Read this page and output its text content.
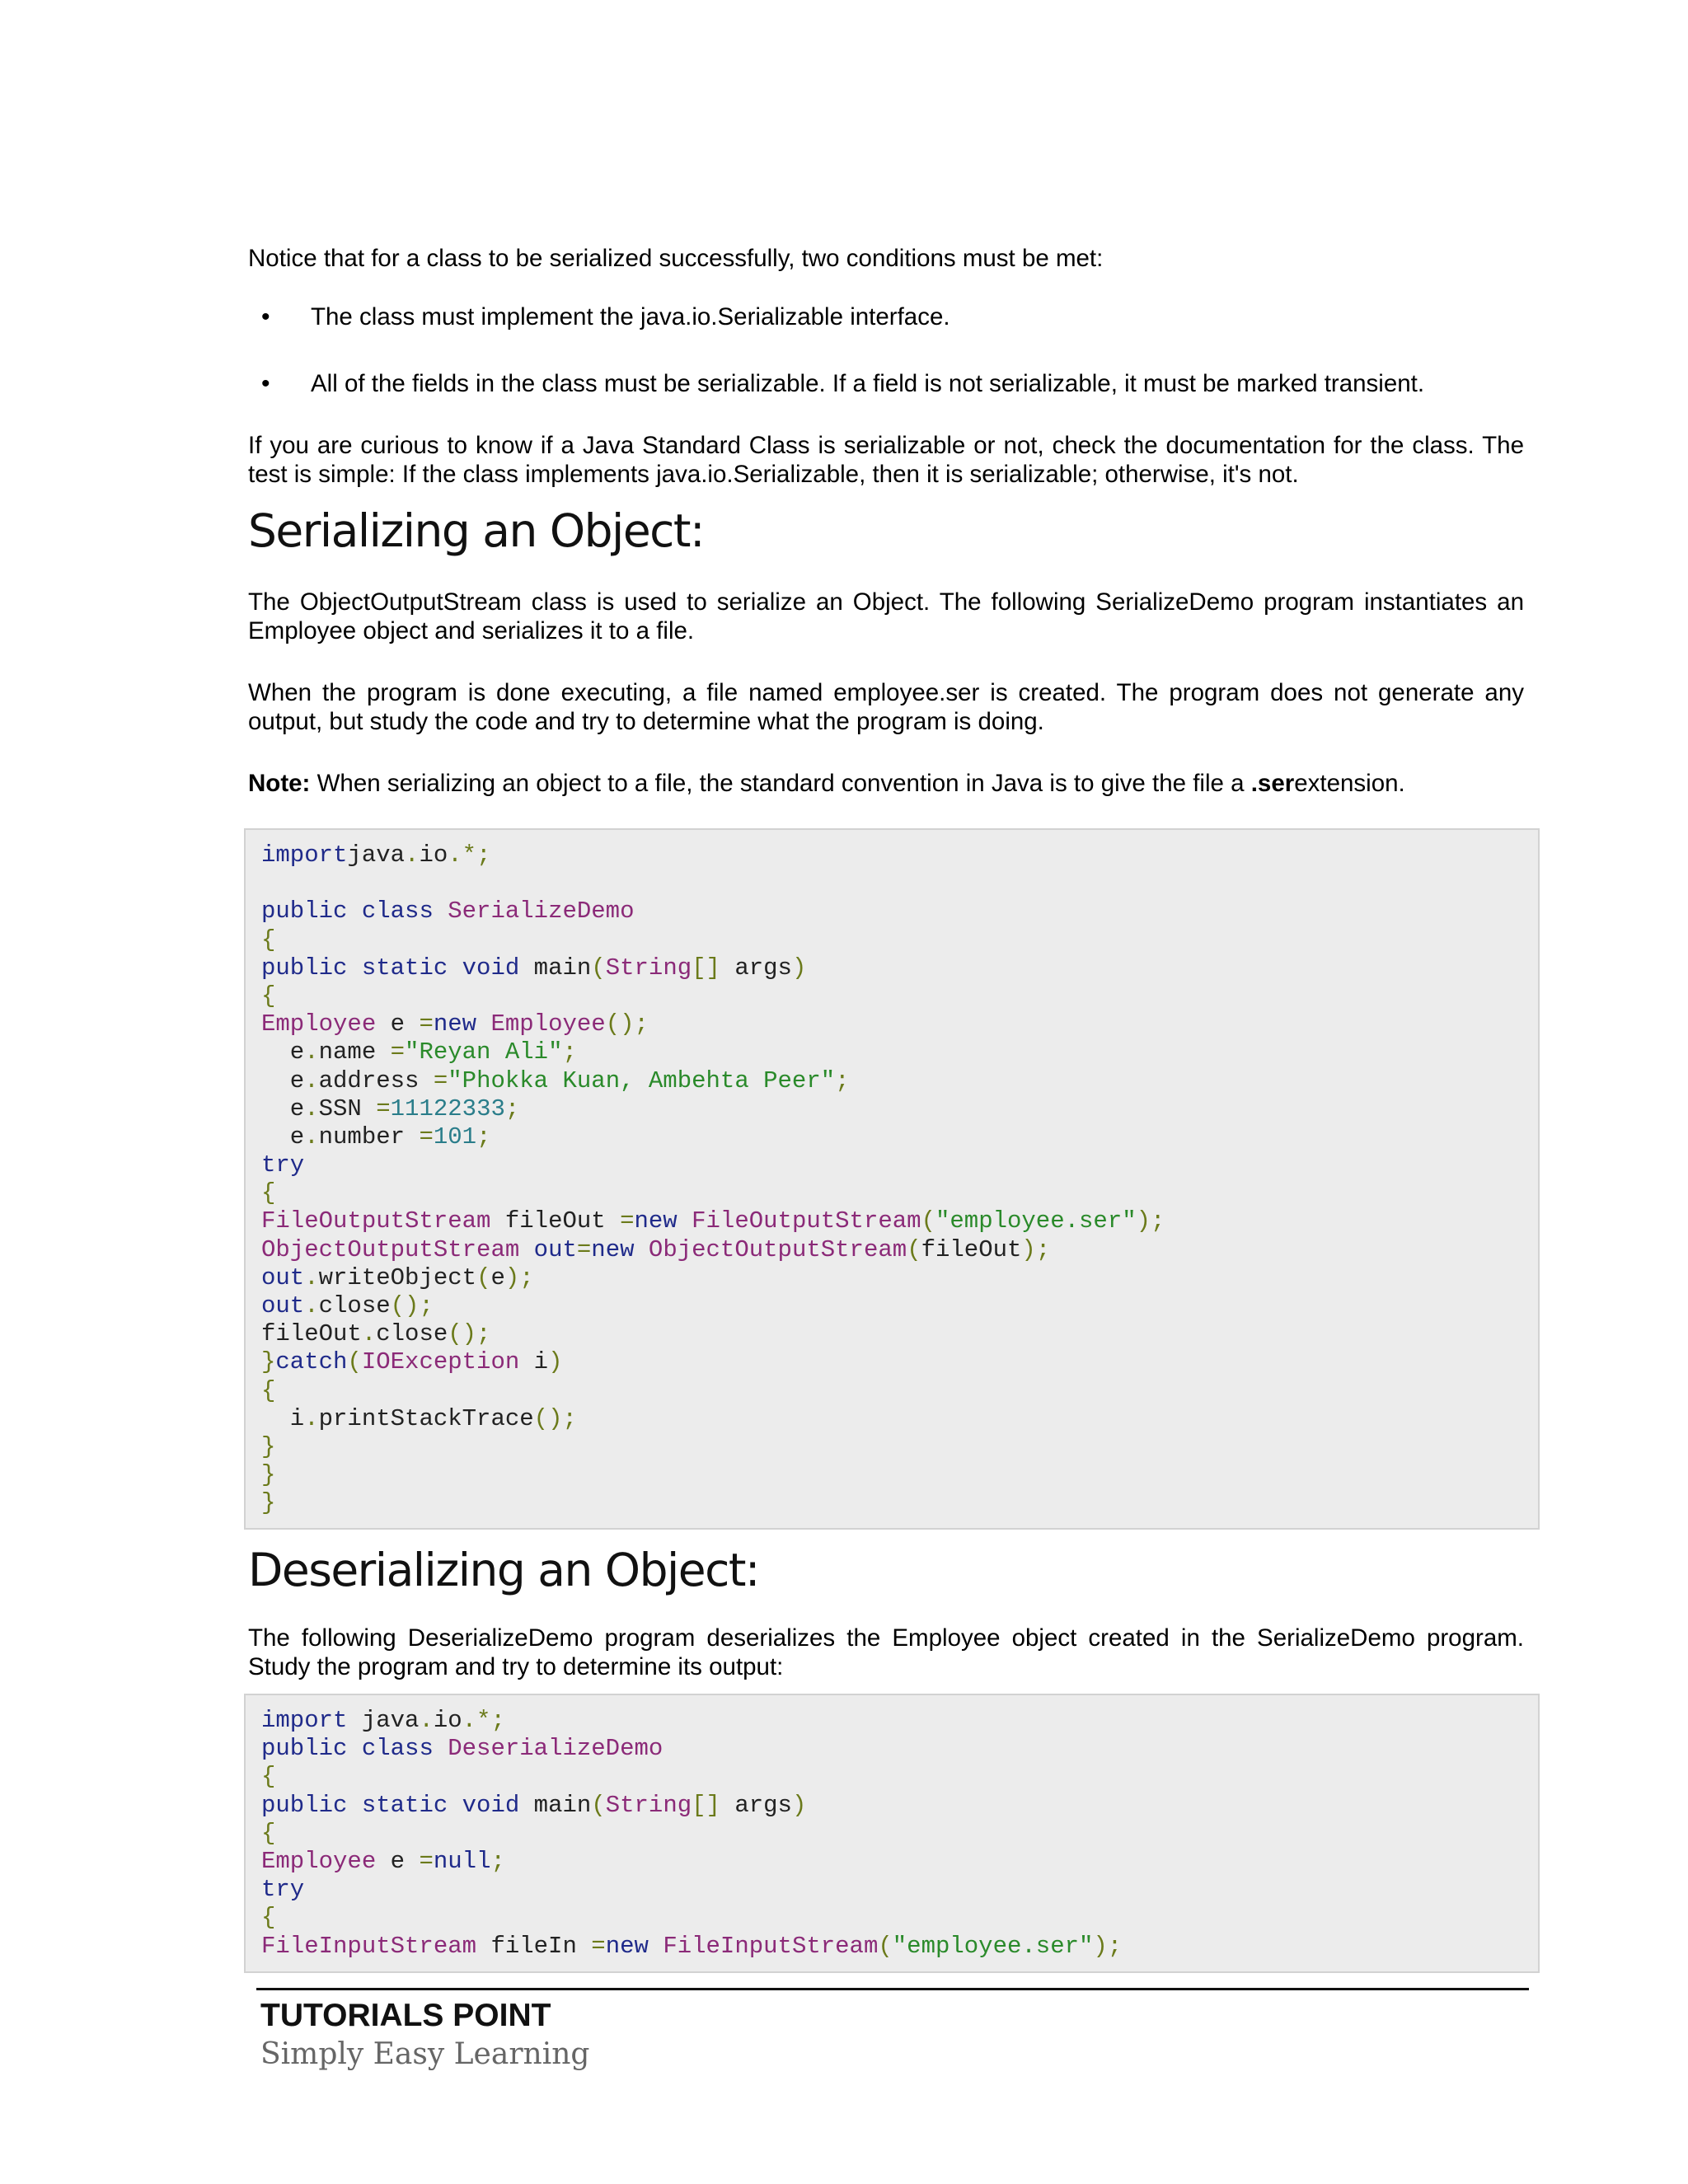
Notice that for a class to be serialized successfully, two conditions must be met:

• The class must implement the java.io.Serializable interface.
• All of the fields in the class must be serializable. If a field is not serializable, it must be marked transient.

If you are curious to know if a Java Standard Class is serializable or not, check the documentation for the class. The test is simple: If the class implements java.io.Serializable, then it is serializable; otherwise, it's not.

Serializing an Object:

The ObjectOutputStream class is used to serialize an Object. The following SerializeDemo program instantiates an Employee object and serializes it to a file.

When the program is done executing, a file named employee.ser is created. The program does not generate any output, but study the code and try to determine what the program is doing.

Note: When serializing an object to a file, the standard convention in Java is to give the file a .serextension.

importjava.io.*;

public class SerializeDemo
{
public static void main(String[] args)
{
Employee e =new Employee();
e.name ="Reyan Ali";
e.address ="Phokka Kuan, Ambehta Peer";
e.SSN =11122333;
e.number =101;
try
{
FileOutputStream fileOut =new FileOutputStream("employee.ser");
ObjectOutputStream out=new ObjectOutputStream(fileOut);
out.writeObject(e);
out.close();
fileOut.close();
}catch(IOException i)
{
i.printStackTrace();
}
}
}
Deserializing an Object:

The following DeserializeDemo program deserializes the Employee object created in the SerializeDemo program. Study the program and try to determine its output:

import java.io.*;
public class DeserializeDemo
{
public static void main(String[] args)
{
Employee e =null;
try
{
FileInputStream fileIn =new FileInputStream("employee.ser");
TUTORIALS POINT
Simply Easy Learning
